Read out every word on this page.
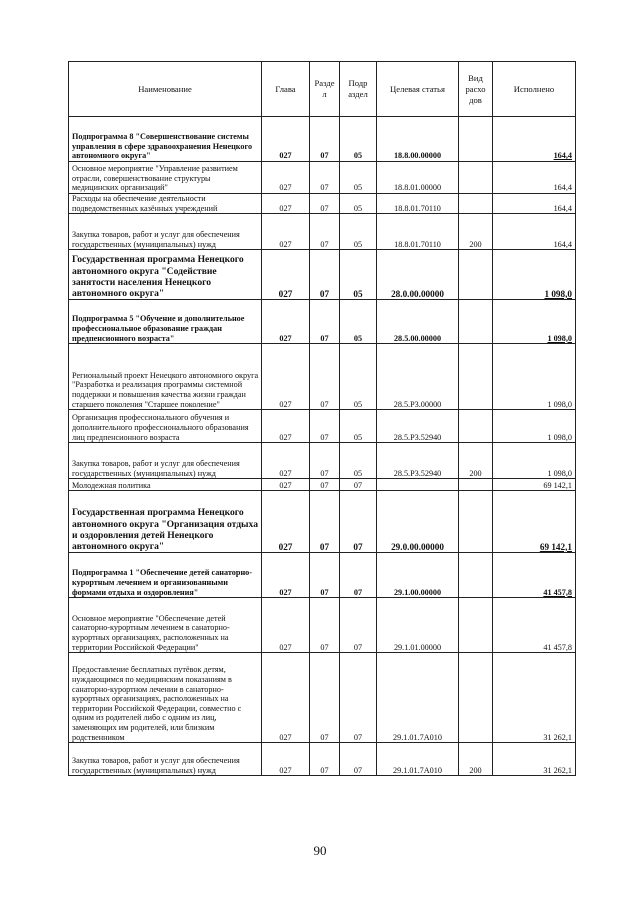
Наименование	Глава	Разде л	Подр аздел	Целевая статья	Вид расхо дов	Исполнено
Подпрограмма 8 "Совершенствование системы управления в сфере здравоохранения Ненецкого автономного округа"	027	07	05	18.8.00.00000		164,4
Основное мероприятие "Управление развитием отрасли, совершенствование структуры медицинских организаций"	027	07	05	18.8.01.00000		164,4
Расходы на обеспечение деятельности подведомственных казённых учреждений	027	07	05	18.8.01.70110		164,4
Закупка товаров, работ и услуг для обеспечения государственных (муниципальных) нужд	027	07	05	18.8.01.70110	200	164,4
Государственная программа Ненецкого автономного округа "Содействие занятости населения Ненецкого автономного округа"	027	07	05	28.0.00.00000		1 098,0
Подпрограмма 5 "Обучение и дополнительное профессиональное образование граждан предпенсионного возраста"	027	07	05	28.5.00.00000		1 098,0
Региональный проект Ненецкого автономного округа "Разработка и реализация программы системной поддержки и повышения качества жизни граждан старшего поколения "Старшее поколение"	027	07	05	28.5.P3.00000		1 098,0
Организация профессионального обучения и дополнительного профессионального образования лиц предпенсионного возраста	027	07	05	28.5.P3.52940		1 098,0
Закупка товаров, работ и услуг для обеспечения государственных (муниципальных) нужд	027	07	05	28.5.P3.52940	200	1 098,0
Молодежная политика	027	07	07			69 142,1
Государственная программа Ненецкого автономного округа "Организация отдыха и оздоровления детей Ненецкого автономного округа"	027	07	07	29.0.00.00000		69 142,1
Подпрограмма 1 "Обеспечение детей санаторно-курортным лечением и организованными формами отдыха и оздоровления"	027	07	07	29.1.00.00000		41 457,8
Основное мероприятие "Обеспечение детей санаторно-курортным лечением в санаторно-курортных организациях, расположенных на территории Российской Федерации"	027	07	07	29.1.01.00000		41 457,8
Предоставление бесплатных путёвок детям, нуждающимся по медицинским показаниям в санаторно-курортном лечении в санаторно-курортных организациях, расположенных на территории Российской Федерации, совместно с одним из родителей либо с одним из лиц, заменяющих им родителей, или близким родственником	027	07	07	29.1.01.7А010		31 262,1
Закупка товаров, работ и услуг для обеспечения государственных (муниципальных) нужд	027	07	07	29.1.01.7А010	200	31 262,1
90
